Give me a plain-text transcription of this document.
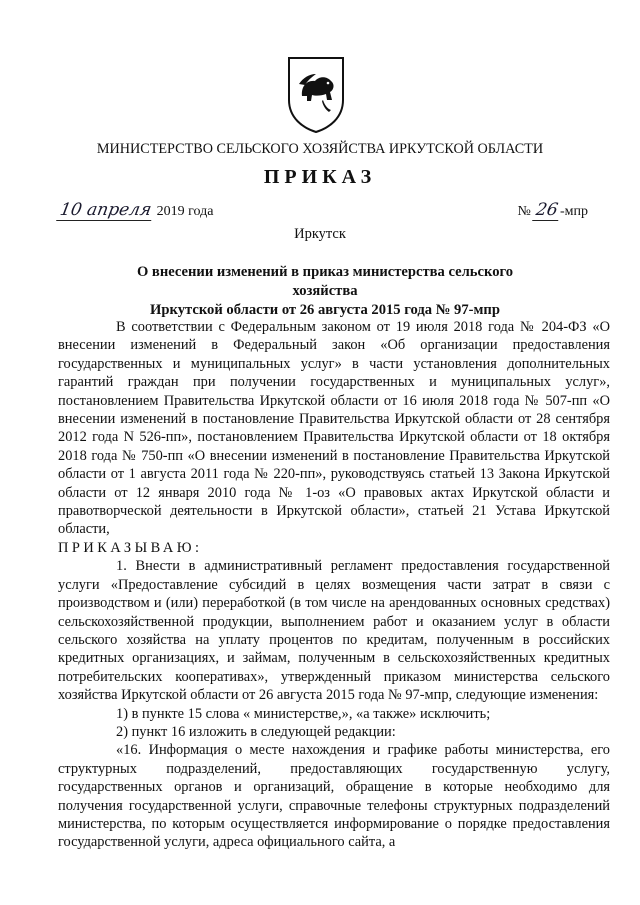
МИНИСТЕРСТВО СЕЛЬСКОГО ХОЗЯЙСТВА ИРКУТСКОЙ ОБЛАСТИ
ПРИКАЗ
10 апреля 2019 года	№ 26-мпр
Иркутск
О внесении изменений в приказ министерства сельского хозяйства
Иркутской области от 26 августа 2015 года № 97-мпр

В соответствии с Федеральным законом от 19 июля 2018 года № 204-ФЗ «О внесении изменений в Федеральный закон «Об организации предоставления государственных и муниципальных услуг» в части установления дополнительных гарантий граждан при получении государственных и муниципальных услуг», постановлением Правительства Иркутской области от 16 июля 2018 года № 507-пп «О внесении изменений в постановление Правительства Иркутской области от 28 сентября 2012 года N 526-пп», постановлением Правительства Иркутской области от 18 октября 2018 года № 750-пп «О внесении изменений в постановление Правительства Иркутской области от 1 августа 2011 года № 220-пп», руководствуясь статьей 13 Закона Иркутской области от 12 января 2010 года № 1-оз «О правовых актах Иркутской области и правотворческой деятельности в Иркутской области», статьей 21 Устава Иркутской области,

ПРИКАЗЫВАЮ:

1. Внести в административный регламент предоставления государственной услуги «Предоставление субсидий в целях возмещения части затрат в связи с производством и (или) переработкой (в том числе на арендованных основных средствах) сельскохозяйственной продукции, выполнением работ и оказанием услуг в области сельского хозяйства на уплату процентов по кредитам, полученным в российских кредитных организациях, и займам, полученным в сельскохозяйственных кредитных потребительских кооперативах», утвержденный приказом министерства сельского хозяйства Иркутской области от 26 августа 2015 года № 97-мпр, следующие изменения:

1) в пункте 15 слова « министерстве,», «а также» исключить;

2) пункт 16 изложить в следующей редакции:

«16. Информация о месте нахождения и графике работы министерства, его структурных подразделений, предоставляющих государственную услугу, государственных органов и организаций, обращение в которые необходимо для получения государственной услуги, справочные телефоны структурных подразделений министерства, по которым осуществляется информирование о порядке предоставления государственной услуги, адреса официального сайта, а
